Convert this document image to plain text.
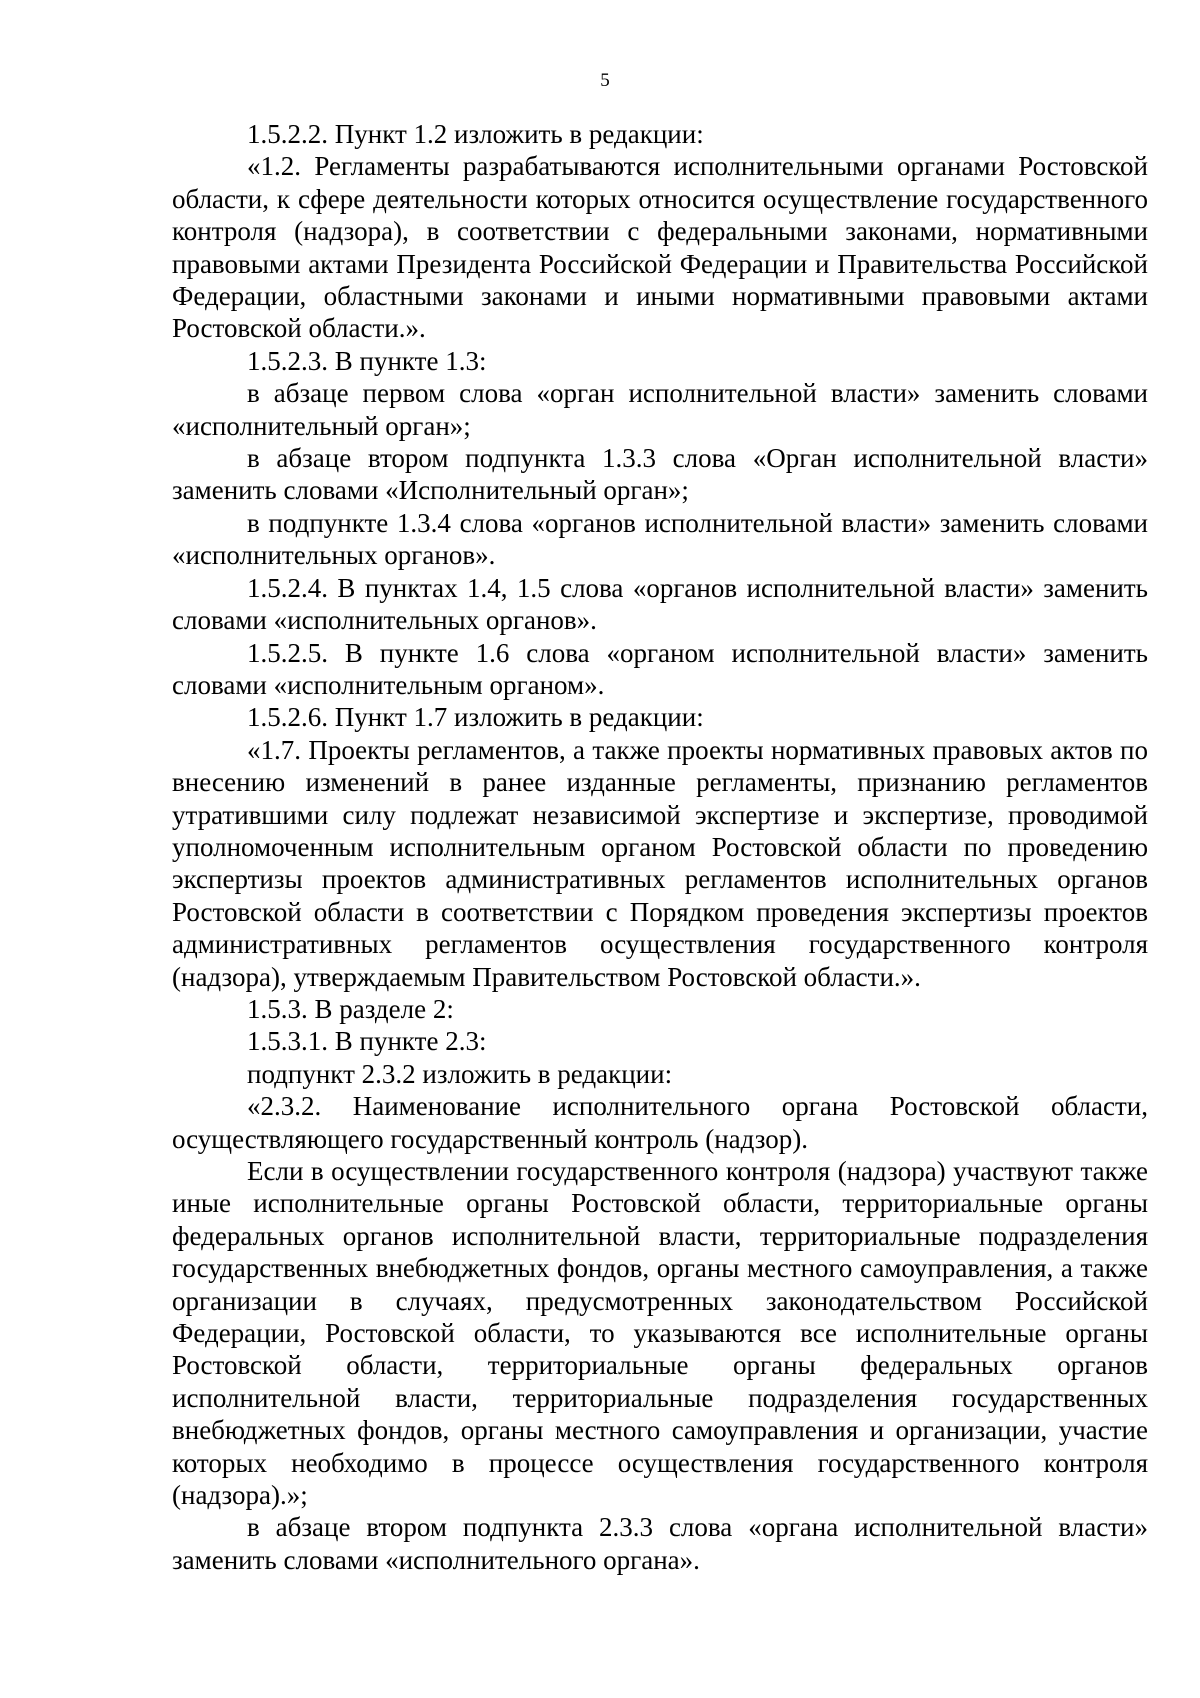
5

1.5.2.2. Пункт 1.2 изложить в редакции:

«1.2. Регламенты разрабатываются исполнительными органами Ростовской области, к сфере деятельности которых относится осуществление государственного контроля (надзора), в соответствии с федеральными законами, нормативными правовыми актами Президента Российской Федерации и Правительства Российской Федерации, областными законами и иными нормативными правовыми актами Ростовской области.».

1.5.2.3. В пункте 1.3:

в абзаце первом слова «орган исполнительной власти» заменить словами «исполнительный орган»;

в абзаце втором подпункта 1.3.3 слова «Орган исполнительной власти» заменить словами «Исполнительный орган»;

в подпункте 1.3.4 слова «органов исполнительной власти» заменить словами «исполнительных органов».

1.5.2.4. В пунктах 1.4, 1.5 слова «органов исполнительной власти» заменить словами «исполнительных органов».

1.5.2.5. В пункте 1.6 слова «органом исполнительной власти» заменить словами «исполнительным органом».

1.5.2.6. Пункт 1.7 изложить в редакции:

«1.7. Проекты регламентов, а также проекты нормативных правовых актов по внесению изменений в ранее изданные регламенты, признанию регламентов утратившими силу подлежат независимой экспертизе и экспертизе, проводимой уполномоченным исполнительным органом Ростовской области по проведению экспертизы проектов административных регламентов исполнительных органов Ростовской области в соответствии с Порядком проведения экспертизы проектов административных регламентов осуществления государственного контроля (надзора), утверждаемым Правительством Ростовской области.».

1.5.3. В разделе 2:

1.5.3.1. В пункте 2.3:

подпункт 2.3.2 изложить в редакции:

«2.3.2. Наименование исполнительного органа Ростовской области, осуществляющего государственный контроль (надзор).

Если в осуществлении государственного контроля (надзора) участвуют также иные исполнительные органы Ростовской области, территориальные органы федеральных органов исполнительной власти, территориальные подразделения государственных внебюджетных фондов, органы местного самоуправления, а также организации в случаях, предусмотренных законодательством Российской Федерации, Ростовской области, то указываются все исполнительные органы Ростовской области, территориальные органы федеральных органов исполнительной власти, территориальные подразделения государственных внебюджетных фондов, органы местного самоуправления и организации, участие которых необходимо в процессе осуществления государственного контроля (надзора).»;

в абзаце втором подпункта 2.3.3 слова «органа исполнительной власти» заменить словами «исполнительного органа».
